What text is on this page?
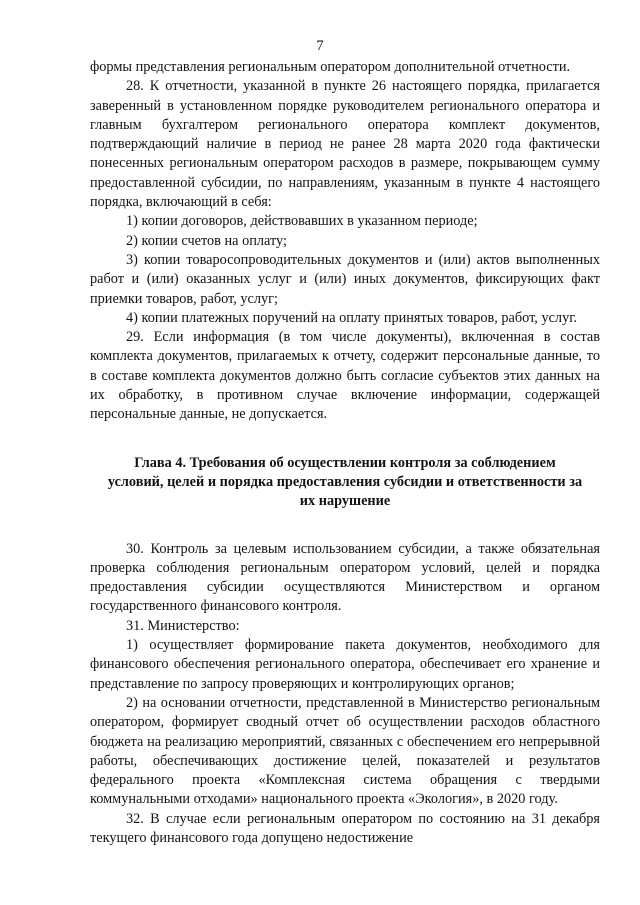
7

формы представления региональным оператором дополнительной отчетности.

28. К отчетности, указанной в пункте 26 настоящего порядка, прилагается заверенный в установленном порядке руководителем регионального оператора и главным бухгалтером регионального оператора комплект документов, подтверждающий наличие в период не ранее 28 марта 2020 года фактически понесенных региональным оператором расходов в размере, покрывающем сумму предоставленной субсидии, по направлениям, указанным в пункте 4 настоящего порядка, включающий в себя:

1) копии договоров, действовавших в указанном периоде;

2) копии счетов на оплату;

3) копии товаросопроводительных документов и (или) актов выполненных работ и (или) оказанных услуг и (или) иных документов, фиксирующих факт приемки товаров, работ, услуг;

4) копии платежных поручений на оплату принятых товаров, работ, услуг.

29. Если информация (в том числе документы), включенная в состав комплекта документов, прилагаемых к отчету, содержит персональные данные, то в составе комплекта документов должно быть согласие субъектов этих данных на их обработку, в противном случае включение информации, содержащей персональные данные, не допускается.

Глава 4. Требования об осуществлении контроля за соблюдением условий, целей и порядка предоставления субсидии и ответственности за их нарушение

30. Контроль за целевым использованием субсидии, а также обязательная проверка соблюдения региональным оператором условий, целей и порядка предоставления субсидии осуществляются Министерством и органом государственного финансового контроля.

31. Министерство:

1) осуществляет формирование пакета документов, необходимого для финансового обеспечения регионального оператора, обеспечивает его хранение и представление по запросу проверяющих и контролирующих органов;

2) на основании отчетности, представленной в Министерство региональным оператором, формирует сводный отчет об осуществлении расходов областного бюджета на реализацию мероприятий, связанных с обеспечением его непрерывной работы, обеспечивающих достижение целей, показателей и результатов федерального проекта «Комплексная система обращения с твердыми коммунальными отходами» национального проекта «Экология», в 2020 году.

32. В случае если региональным оператором по состоянию на 31 декабря текущего финансового года допущено недостижение
